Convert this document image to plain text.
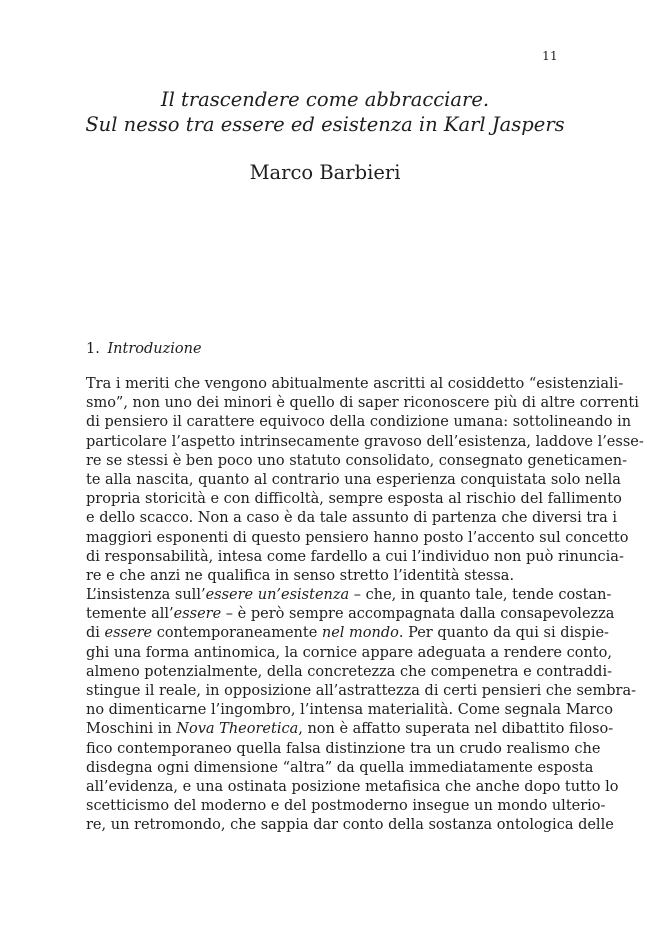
11
Il trascendere come abbracciare.
Sul nesso tra essere ed esistenza in Karl Jaspers
Marco Barbieri
1. Introduzione
Tra i meriti che vengono abitualmente ascritti al cosiddetto “esistenziali-
smo”, non uno dei minori è quello di saper riconoscere più di altre correnti
di pensiero il carattere equivoco della condizione umana: sottolineando in
particolare l’aspetto intrinsecamente gravoso dell’esistenza, laddove l’esse-
re se stessi è ben poco uno statuto consolidato, consegnato geneticamen-
te alla nascita, quanto al contrario una esperienza conquistata solo nella
propria storicità e con difficoltà, sempre esposta al rischio del fallimento
e dello scacco. Non a caso è da tale assunto di partenza che diversi tra i
maggiori esponenti di questo pensiero hanno posto l’accento sul concetto
di responsabilità, intesa come fardello a cui l’individuo non può rinuncia-
re e che anzi ne qualifica in senso stretto l’identità stessa.
L’insistenza sull’essere un’esistenza – che, in quanto tale, tende costan-
temente all’essere – è però sempre accompagnata dalla consapevolezza
di essere contemporaneamente nel mondo. Per quanto da qui si dispie-
ghi una forma antinomica, la cornice appare adeguata a rendere conto,
almeno potenzialmente, della concretezza che compenetra e contraddi-
stingue il reale, in opposizione all’astrattezza di certi pensieri che sembra-
no dimenticarne l’ingombro, l’intensa materialità. Come segnala Marco
Moschini in Nova Theoretica, non è affatto superata nel dibattito filoso-
fico contemporaneo quella falsa distinzione tra un crudo realismo che
disdegna ogni dimensione “altra” da quella immediatamente esposta
all’evidenza, e una ostinata posizione metafisica che anche dopo tutto lo
scetticismo del moderno e del postmoderno insegue un mondo ulterio-
re, un retromondo, che sappia dar conto della sostanza ontologica delle
